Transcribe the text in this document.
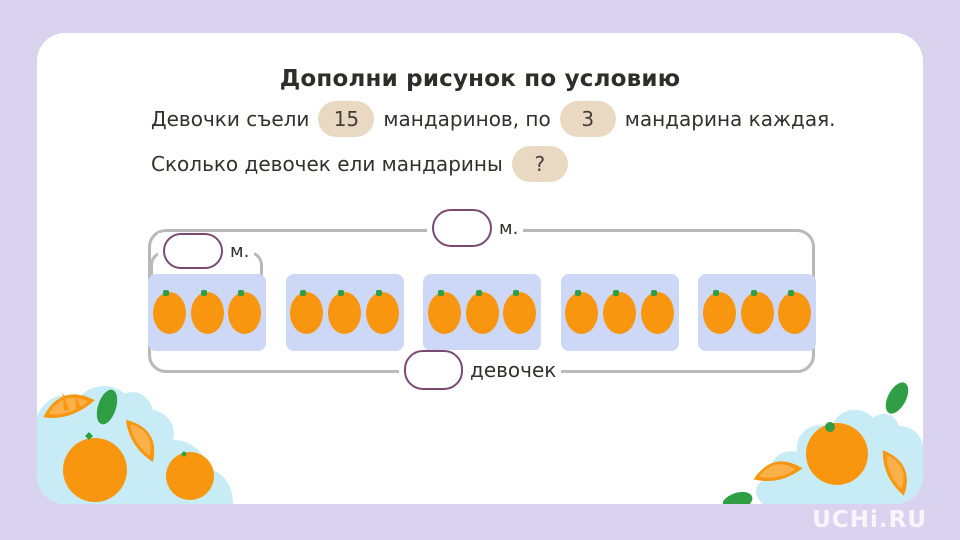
Дополни рисунок по условию
Девочки съели	15	мандаринов, по	3	мандарина каждая.
Сколько девочек ели мандарины	?
м.
м.
девочек
UCHi.RU
